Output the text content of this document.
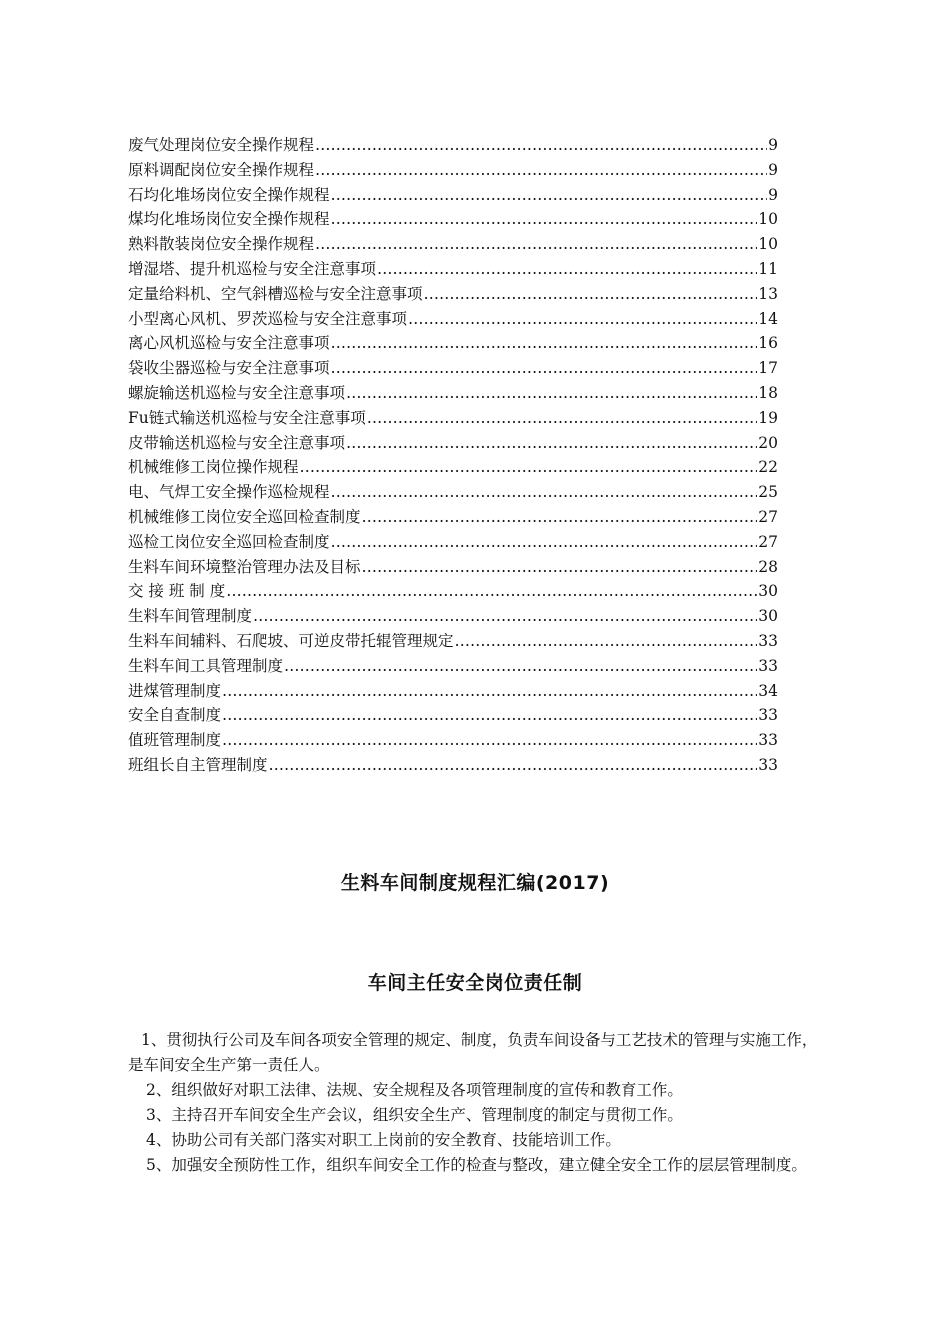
废气处理岗位安全操作规程 ………………………………………………………………………………………………………………………………………………………………………………………………	9
原料调配岗位安全操作规程 ………………………………………………………………………………………………………………………………………………………………………………………………	9
石均化堆场岗位安全操作规程 ………………………………………………………………………………………………………………………………………………………………………………………………	9
煤均化堆场岗位安全操作规程 ………………………………………………………………………………………………………………………………………………………………………………………………	10
熟料散装岗位安全操作规程 ………………………………………………………………………………………………………………………………………………………………………………………………	10
增湿塔、提升机巡检与安全注意事项 ………………………………………………………………………………………………………………………………………………………………………………………………	11
定量给料机、空气斜槽巡检与安全注意事项 ………………………………………………………………………………………………………………………………………………………………………………………………	13
小型离心风机、罗茨巡检与安全注意事项 ………………………………………………………………………………………………………………………………………………………………………………………………	14
离心风机巡检与安全注意事项 ………………………………………………………………………………………………………………………………………………………………………………………………	16
袋收尘器巡检与安全注意事项 ………………………………………………………………………………………………………………………………………………………………………………………………	17
螺旋输送机巡检与安全注意事项 ………………………………………………………………………………………………………………………………………………………………………………………………	18
Fu链式输送机巡检与安全注意事项 ………………………………………………………………………………………………………………………………………………………………………………………………	19
皮带输送机巡检与安全注意事项 ………………………………………………………………………………………………………………………………………………………………………………………………	20
机械维修工岗位操作规程 ………………………………………………………………………………………………………………………………………………………………………………………………	22
电、气焊工安全操作巡检规程 ………………………………………………………………………………………………………………………………………………………………………………………………	25
机械维修工岗位安全巡回检查制度 ………………………………………………………………………………………………………………………………………………………………………………………………	27
巡检工岗位安全巡回检查制度 ………………………………………………………………………………………………………………………………………………………………………………………………	27
生料车间环境整治管理办法及目标 ………………………………………………………………………………………………………………………………………………………………………………………………	28
交 接 班 制 度 ………………………………………………………………………………………………………………………………………………………………………………………………	30
生料车间管理制度 ………………………………………………………………………………………………………………………………………………………………………………………………	30
生料车间辅料、石爬坡、可逆皮带托辊管理规定 ………………………………………………………………………………………………………………………………………………………………………………………………	33
生料车间工具管理制度 ………………………………………………………………………………………………………………………………………………………………………………………………	33
进煤管理制度 ………………………………………………………………………………………………………………………………………………………………………………………………	34
安全自查制度 ………………………………………………………………………………………………………………………………………………………………………………………………	33
值班管理制度 ………………………………………………………………………………………………………………………………………………………………………………………………	33
班组长自主管理制度 ………………………………………………………………………………………………………………………………………………………………………………………………	33
生料车间制度规程汇编(2017)
车间主任安全岗位责任制

1、贯彻执行公司及车间各项安全管理的规定、制度，负责车间设备与工艺技术的管理与实施工作，是车间安全生产第一责任人。

2、组织做好对职工法律、法规、安全规程及各项管理制度的宣传和教育工作。

3、主持召开车间安全生产会议，组织安全生产、管理制度的制定与贯彻工作。

4、协助公司有关部门落实对职工上岗前的安全教育、技能培训工作。

5、加强安全预防性工作，组织车间安全工作的检查与整改，建立健全安全工作的层层管理制度。
